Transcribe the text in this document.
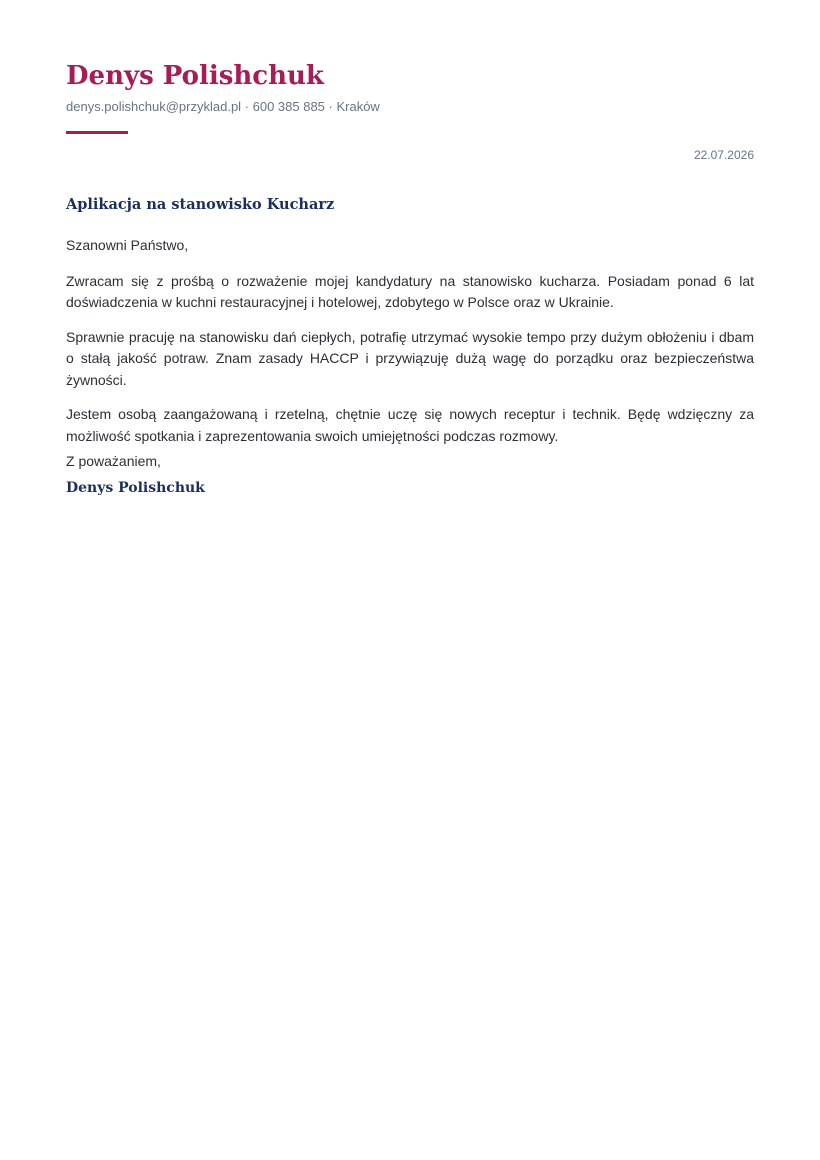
Denys Polishchuk
denys.polishchuk@przyklad.pl · 600 385 885 · Kraków
22.07.2026
Aplikacja na stanowisko Kucharz

Szanowni Państwo,

Zwracam się z prośbą o rozważenie mojej kandydatury na stanowisko kucharza. Posiadam ponad 6 lat doświadczenia w kuchni restauracyjnej i hotelowej, zdobytego w Polsce oraz w Ukrainie.

Sprawnie pracuję na stanowisku dań ciepłych, potrafię utrzymać wysokie tempo przy dużym obłożeniu i dbam o stałą jakość potraw. Znam zasady HACCP i przywiązuję dużą wagę do porządku oraz bezpieczeństwa żywności.

Jestem osobą zaangażowaną i rzetelną, chętnie uczę się nowych receptur i technik. Będę wdzięczny za możliwość spotkania i zaprezentowania swoich umiejętności podczas rozmowy.

Z poważaniem,
Denys Polishchuk
